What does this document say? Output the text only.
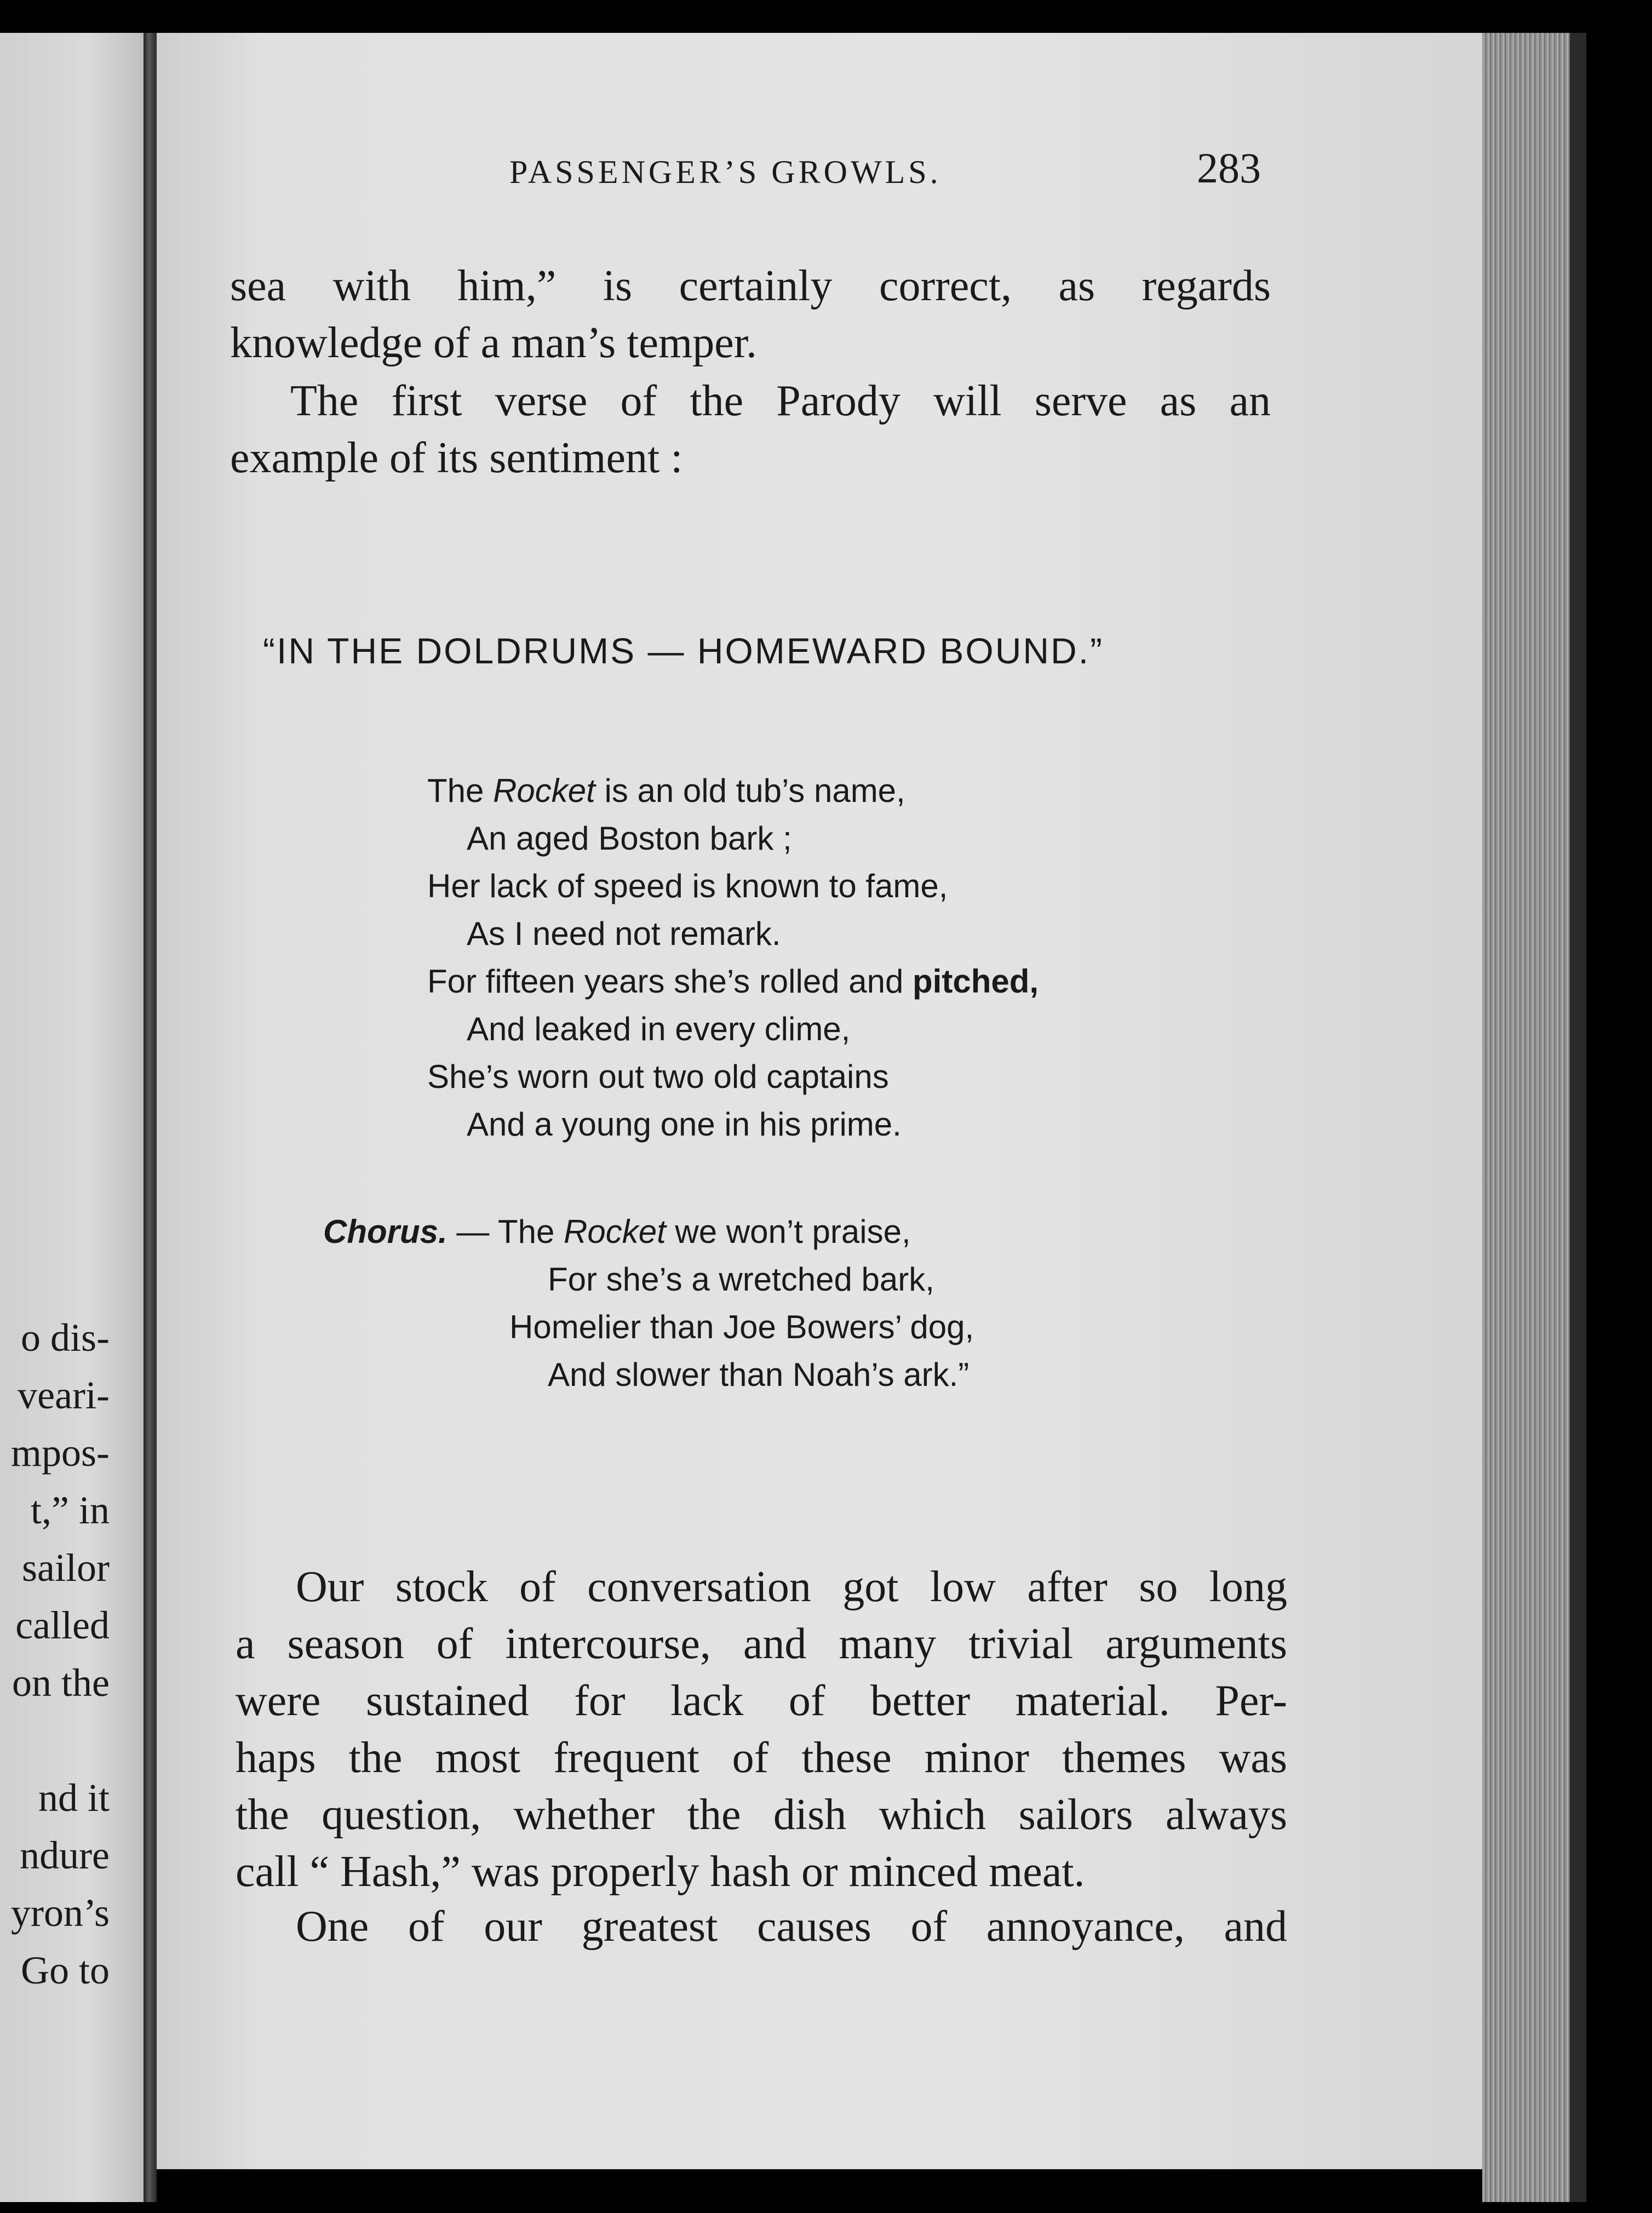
o dis-
veari-
mpos-
t,” in
sailor
called
on the
nd it
ndure
yron’s
Go to
PASSENGER’S GROWLS.	283
sea with him,” is certainly correct, as regards
knowledge of a man’s temper.
The first verse of the Parody will serve as an
example of its sentiment :
“IN THE DOLDRUMS — HOMEWARD BOUND.”
The Rocket is an old tub’s name,
An aged Boston bark ;
Her lack of speed is known to fame,
As I need not remark.
For fifteen years she’s rolled and pitched,
And leaked in every clime,
She’s worn out two old captains
And a young one in his prime.
Chorus. — The Rocket we won’t praise,
For she’s a wretched bark,
Homelier than Joe Bowers’ dog,
And slower than Noah’s ark.”
Our stock of conversation got low after so long
a season of intercourse, and many trivial arguments
were sustained for lack of better material. Per-
haps the most frequent of these minor themes was
the question, whether the dish which sailors always
call “ Hash,” was properly hash or minced meat.
One of our greatest causes of annoyance, and
